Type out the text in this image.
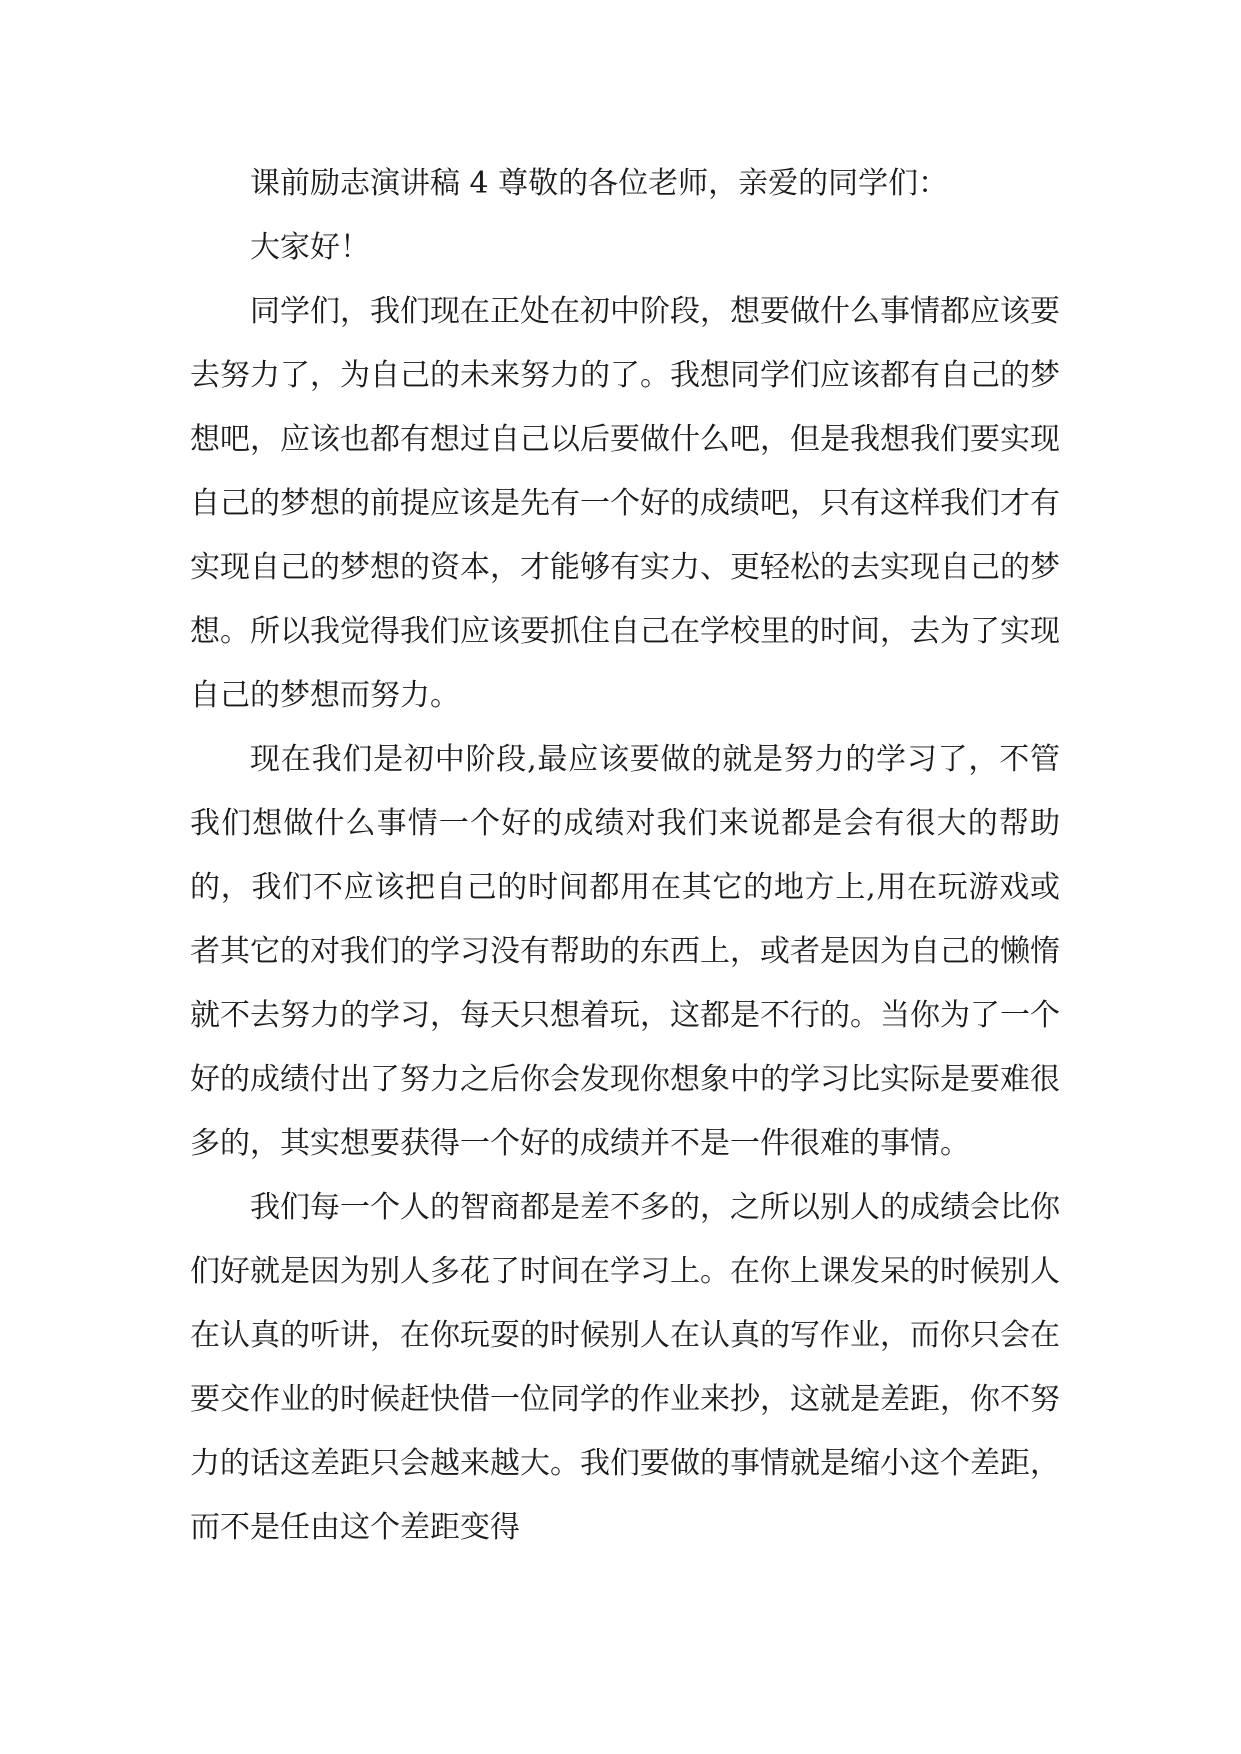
课前励志演讲稿 4 尊敬的各位老师，亲爱的同学们：

大家好！

同学们，我们现在正处在初中阶段，想要做什么事情都应该要去努力了，为自己的未来努力的了。我想同学们应该都有自己的梦想吧，应该也都有想过自己以后要做什么吧，但是我想我们要实现自己的梦想的前提应该是先有一个好的成绩吧，只有这样我们才有实现自己的梦想的资本，才能够有实力、更轻松的去实现自己的梦想。所以我觉得我们应该要抓住自己在学校里的时间，去为了实现自己的梦想而努力。

现在我们是初中阶段,最应该要做的就是努力的学习了，不管我们想做什么事情一个好的成绩对我们来说都是会有很大的帮助的，我们不应该把自己的时间都用在其它的地方上,用在玩游戏或者其它的对我们的学习没有帮助的东西上，或者是因为自己的懒惰就不去努力的学习，每天只想着玩，这都是不行的。当你为了一个好的成绩付出了努力之后你会发现你想象中的学习比实际是要难很多的，其实想要获得一个好的成绩并不是一件很难的事情。

我们每一个人的智商都是差不多的，之所以别人的成绩会比你们好就是因为别人多花了时间在学习上。在你上课发呆的时候别人在认真的听讲，在你玩耍的时候别人在认真的写作业，而你只会在要交作业的时候赶快借一位同学的作业来抄，这就是差距，你不努力的话这差距只会越来越大。我们要做的事情就是缩小这个差距，而不是任由这个差距变得
